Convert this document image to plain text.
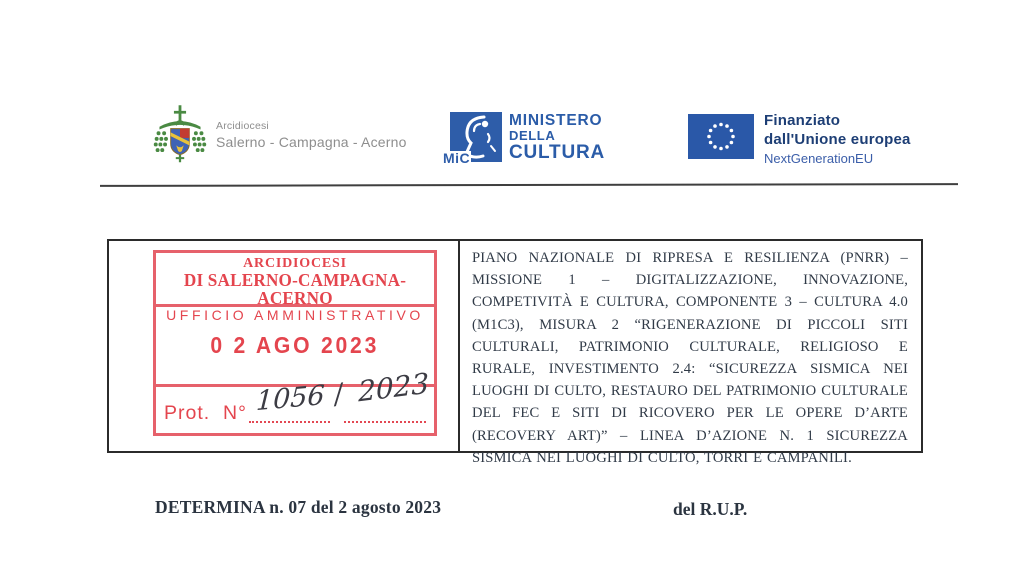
Arcidiocesi
Salerno - Campagna - Acerno
MiC
MINISTERO
DELLA
CULTURA
Finanziato
dall'Unione europea
NextGenerationEU
ARCIDIOCESI
DI SALERNO-CAMPAGNA-ACERNO
UFFICIO AMMINISTRATIVO
0 2 AGO 2023
Prot.  N° 1056 / 2023
PIANO NAZIONALE DI RIPRESA E RESILIENZA (PNRR) – MISSIONE 1 – DIGITALIZZAZIONE, INNOVAZIONE, COMPETIVITÀ E CULTURA, COMPONENTE 3 – CULTURA 4.0 (M1C3), MISURA 2 “RIGENERAZIONE DI PICCOLI SITI CULTURALI, PATRIMONIO CULTURALE, RELIGIOSO E RURALE, INVESTIMENTO 2.4: “SICUREZZA SISMICA NEI LUOGHI DI CULTO, RESTAURO DEL PATRIMONIO CULTURALE DEL FEC E SITI DI RICOVERO PER LE OPERE D’ARTE (RECOVERY ART)” – LINEA D’AZIONE N. 1 SICUREZZA SISMICA NEI LUOGHI DI CULTO, TORRI E CAMPANILI.
DETERMINA n. 07 del 2 agosto 2023	del R.U.P.
